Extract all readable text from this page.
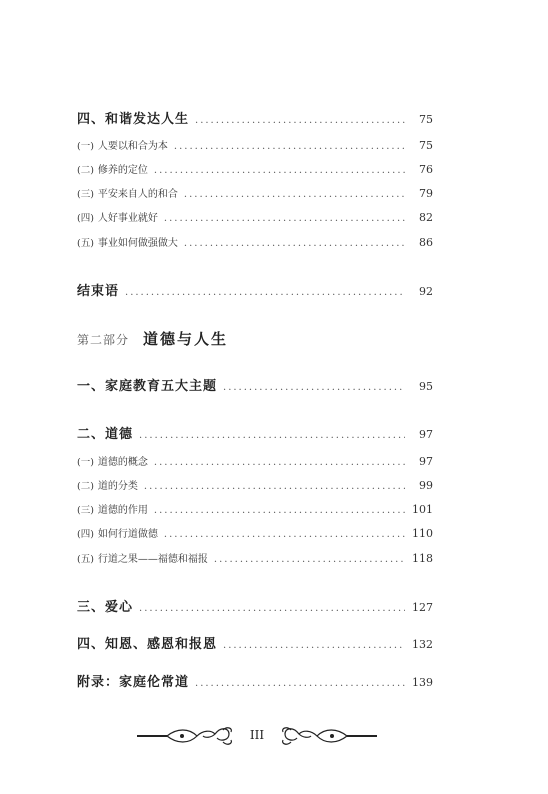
四、和谐发达人生 .....	75
(一) 人要以和合为本 .....	75
(二) 修养的定位 .....	76
(三) 平安来自人的和合 .....	79
(四) 人好事业就好 .....	82
(五) 事业如何做强做大 .....	86
结束语 .....	92
第二部分 道德与人生
一、家庭教育五大主题 .....	95
二、道德 .....	97
(一) 道德的概念 .....	97
(二) 道的分类 .....	99
(三) 道德的作用 .....	101
(四) 如何行道做德 .....	110
(五) 行道之果——福德和福报 .....	118
三、爱心 .....	127
四、知恩、感恩和报恩 .....	132
附录：家庭伦常道 .....	139
III
